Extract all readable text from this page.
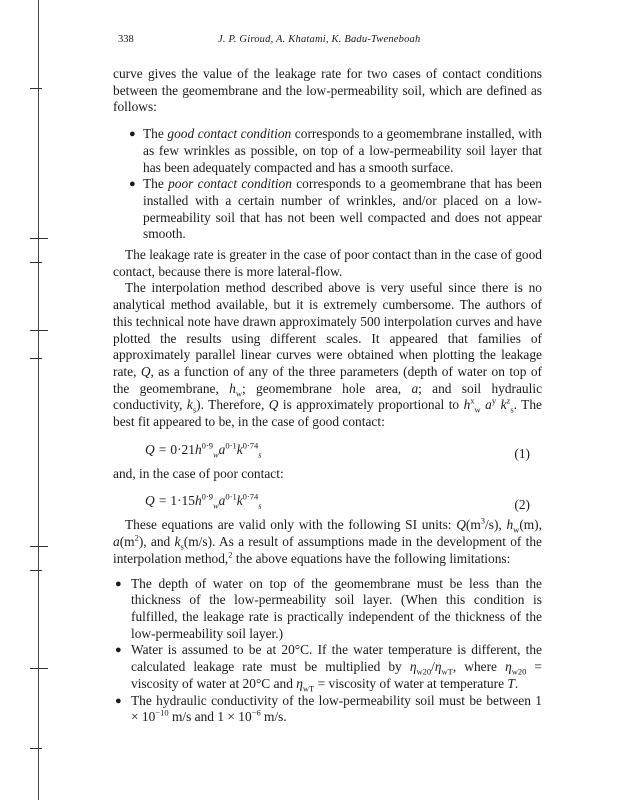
338	J. P. Giroud, A. Khatami, K. Badu-Tweneboah

curve gives the value of the leakage rate for two cases of contact conditions between the geomembrane and the low-permeability soil, which are defined as follows:

● The good contact condition corresponds to a geomembrane installed, with as few wrinkles as possible, on top of a low-permeability soil layer that has been adequately compacted and has a smooth surface.
● The poor contact condition corresponds to a geomembrane that has been installed with a certain number of wrinkles, and/or placed on a low-permeability soil that has not been well compacted and does not appear smooth.

The leakage rate is greater in the case of poor contact than in the case of good contact, because there is more lateral-flow.

The interpolation method described above is very useful since there is no analytical method available, but it is extremely cumbersome. The authors of this technical note have drawn approximately 500 interpolation curves and have plotted the results using different scales. It appeared that families of approximately parallel linear curves were obtained when plotting the leakage rate, Q, as a function of any of the three parameters (depth of water on top of the geomembrane, $h_w$; geomembrane hole area, a; and soil hydraulic conductivity, $k_s$). Therefore, Q is approximately proportional to $h^x_w$ $a^y$ $k^z_s$. The best fit appeared to be, in the case of good contact:

$Q = 0\cdot 21h^{0\cdot 9}_wa^{0\cdot 1}k^{0\cdot 74}_s$	(1)

and, in the case of poor contact:

$Q = 1\cdot 15h^{0\cdot 9}_wa^{0\cdot 1}k^{0\cdot 74}_s$	(2)

These equations are valid only with the following SI units: $Q(m^3/s)$, $h_w(m)$, $a(m^2)$, and $k_s(m/s)$. As a result of assumptions made in the development of the interpolation method,$^2$ the above equations have the following limitations:

● The depth of water on top of the geomembrane must be less than the thickness of the low-permeability soil layer. (When this condition is fulfilled, the leakage rate is practically independent of the thickness of the low-permeability soil layer.)
● Water is assumed to be at 20°C. If the water temperature is different, the calculated leakage rate must be multiplied by $\eta_{w20}/\eta_{wT}$, where $\eta_{w20}$ = viscosity of water at 20°C and $\eta_{wT}$ = viscosity of water at temperature T.
● The hydraulic conductivity of the low-permeability soil must be between $1 \times 10^{-10}$ m/s and $1 \times 10^{-6}$ m/s.
